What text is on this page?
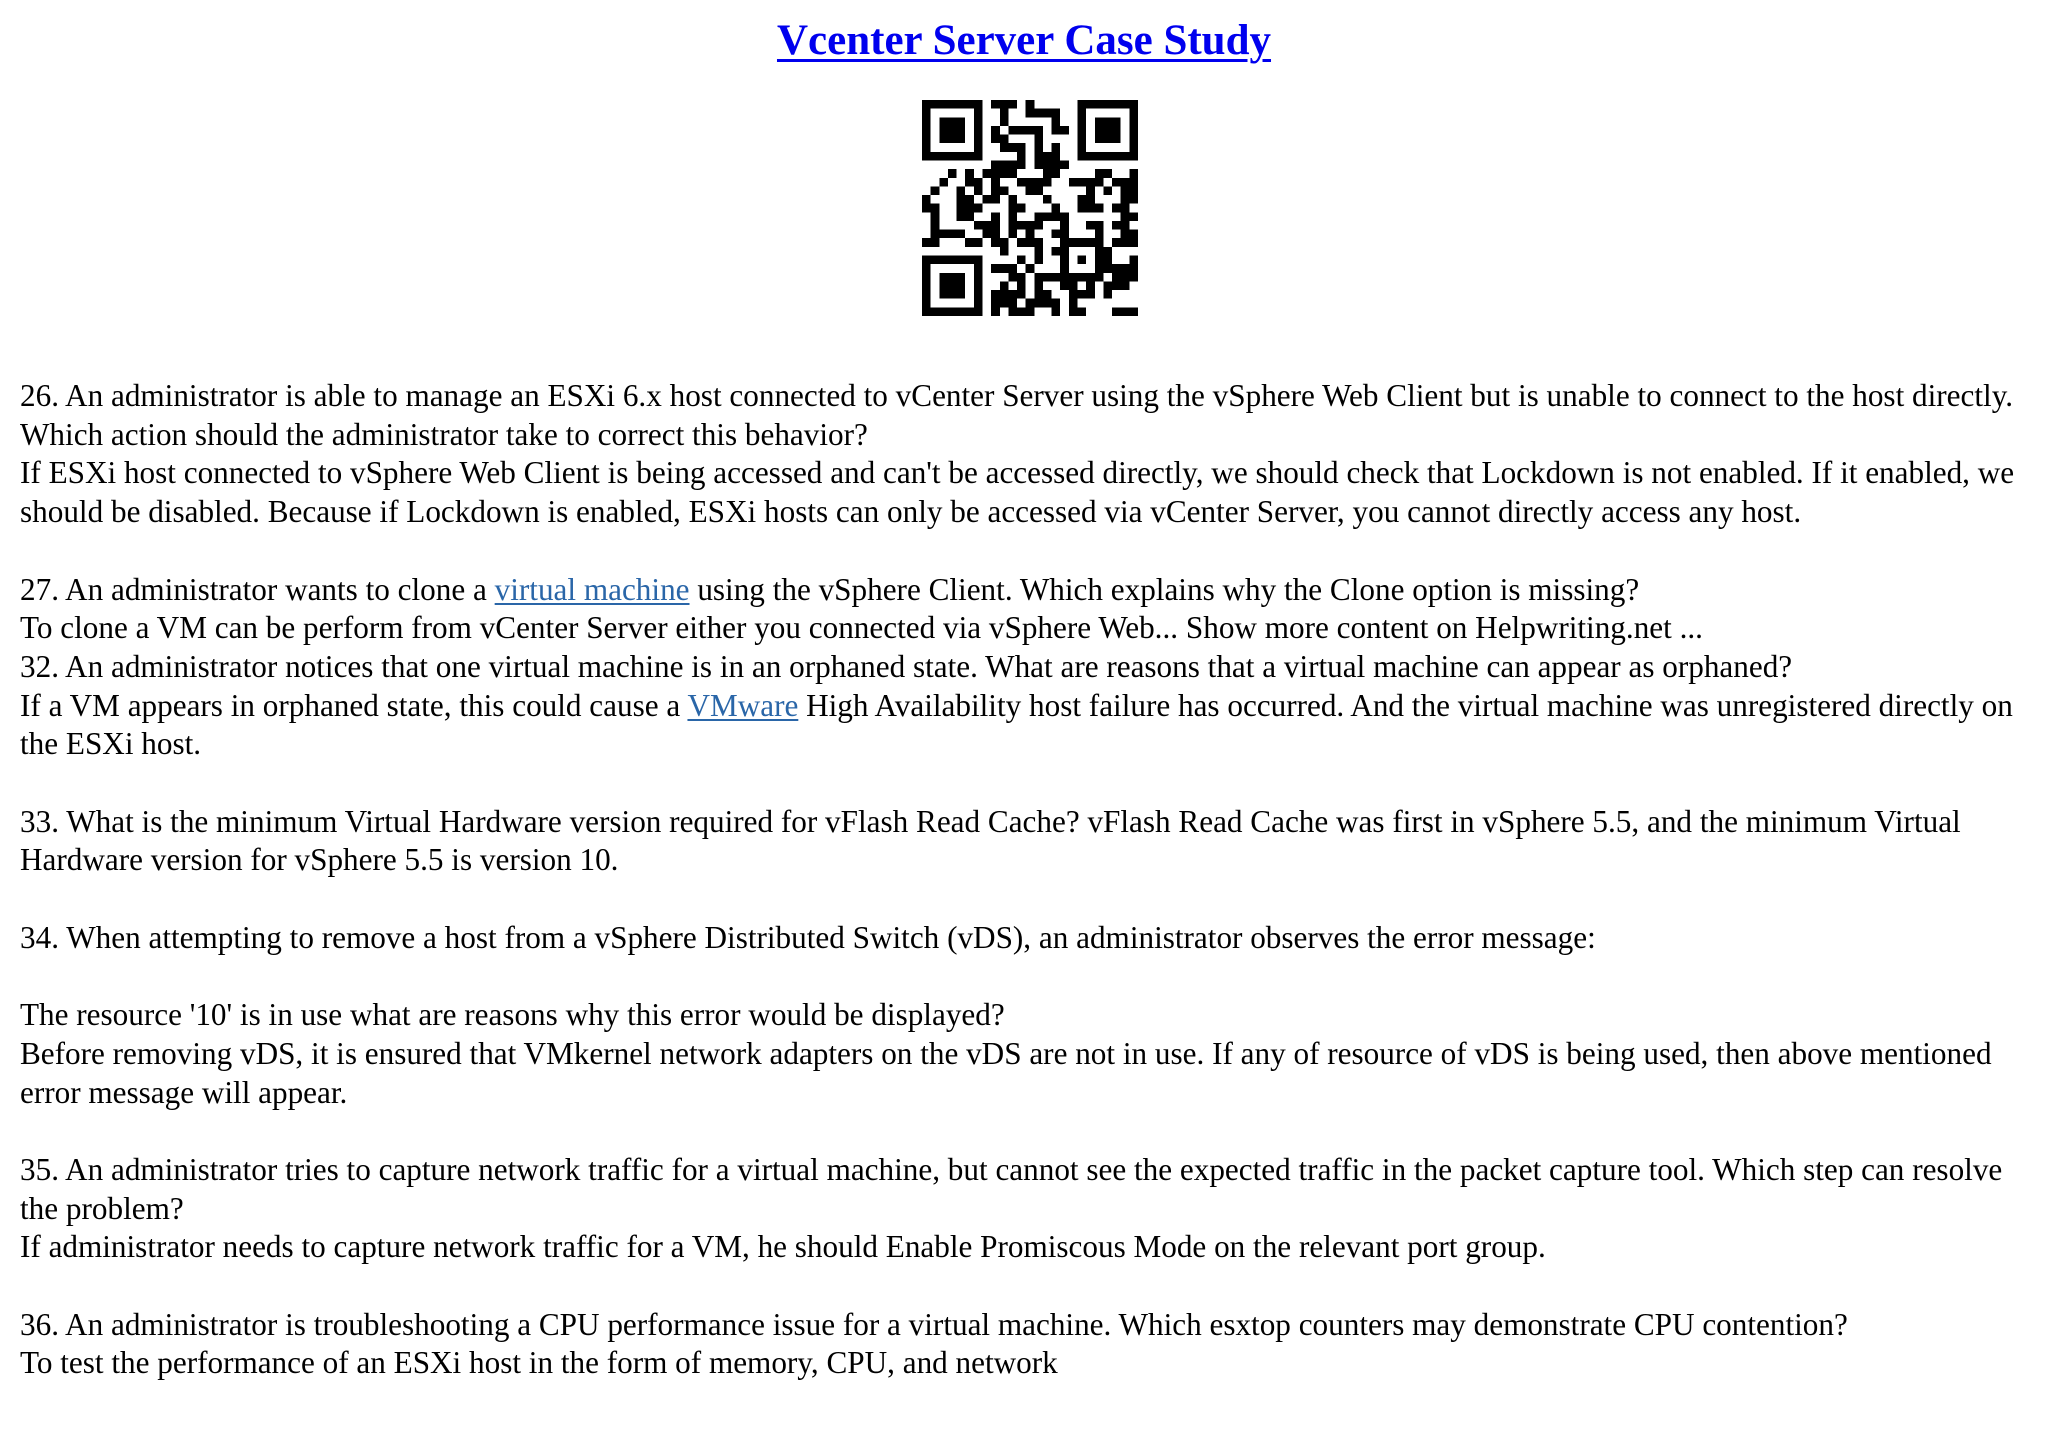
Vcenter Server Case Study

26. An administrator is able to manage an ESXi 6.x host connected to vCenter Server using the vSphere Web Client but is unable to connect to the host directly. Which action should the administrator take to correct this behavior?

If ESXi host connected to vSphere Web Client is being accessed and can't be accessed directly, we should check that Lockdown is not enabled. If it enabled, we should be disabled. Because if Lockdown is enabled, ESXi hosts can only be accessed via vCenter Server, you cannot directly access any host.

27. An administrator wants to clone a virtual machine using the vSphere Client. Which explains why the Clone option is missing?

To clone a VM can be perform from vCenter Server either you connected via vSphere Web... Show more content on Helpwriting.net ...

32. An administrator notices that one virtual machine is in an orphaned state. What are reasons that a virtual machine can appear as orphaned?

If a VM appears in orphaned state, this could cause a VMware High Availability host failure has occurred. And the virtual machine was unregistered directly on the ESXi host.

33. What is the minimum Virtual Hardware version required for vFlash Read Cache? vFlash Read Cache was first in vSphere 5.5, and the minimum Virtual Hardware version for vSphere 5.5 is version 10.

34. When attempting to remove a host from a vSphere Distributed Switch (vDS), an administrator observes the error message:

The resource '10' is in use what are reasons why this error would be displayed?

Before removing vDS, it is ensured that VMkernel network adapters on the vDS are not in use. If any of resource of vDS is being used, then above mentioned error message will appear.

35. An administrator tries to capture network traffic for a virtual machine, but cannot see the expected traffic in the packet capture tool. Which step can resolve the problem?

If administrator needs to capture network traffic for a VM, he should Enable Promiscous Mode on the relevant port group.

36. An administrator is troubleshooting a CPU performance issue for a virtual machine. Which esxtop counters may demonstrate CPU contention?

To test the performance of an ESXi host in the form of memory, CPU, and network
